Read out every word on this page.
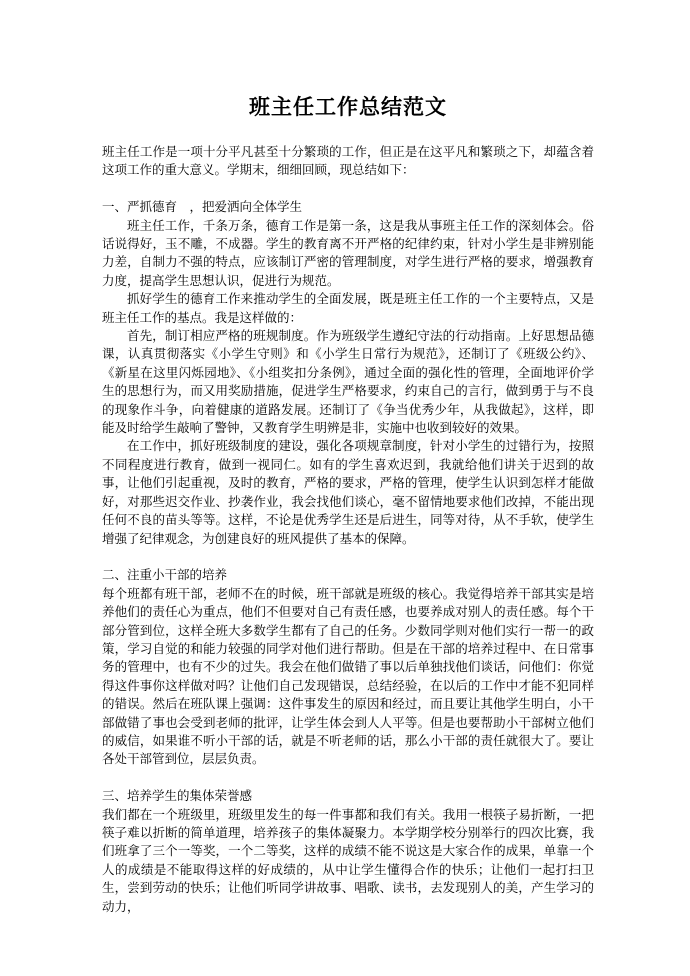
班主任工作总结范文

班主任工作是一项十分平凡甚至十分繁琐的工作，但正是在这平凡和繁琐之下，却蕴含着这项工作的重大意义。学期末，细细回顾，现总结如下：

一、严抓德育　，把爱洒向全体学生

班主任工作，千条万条，德育工作是第一条，这是我从事班主任工作的深刻体会。俗话说得好，玉不雕，不成器。学生的教育离不开严格的纪律约束，针对小学生是非辨别能力差，自制力不强的特点，应该制订严密的管理制度，对学生进行严格的要求，增强教育力度，提高学生思想认识，促进行为规范。

抓好学生的德育工作来推动学生的全面发展，既是班主任工作的一个主要特点，又是班主任工作的基点。我是这样做的：

首先，制订相应严格的班规制度。作为班级学生遵纪守法的行动指南。上好思想品德课，认真贯彻落实《小学生守则》和《小学生日常行为规范》，还制订了《班级公约》、《新星在这里闪烁园地》、《小组奖扣分条例》，通过全面的强化性的管理，全面地评价学生的思想行为，而又用奖励措施，促进学生严格要求，约束自己的言行，做到勇于与不良的现象作斗争，向着健康的道路发展。还制订了《争当优秀少年，从我做起》，这样，即能及时给学生敲响了警钟，又教育学生明辨是非，实施中也收到较好的效果。

在工作中，抓好班级制度的建设，强化各项规章制度，针对小学生的过错行为，按照不同程度进行教育，做到一视同仁。如有的学生喜欢迟到，我就给他们讲关于迟到的故事，让他们引起重视，及时的教育，严格的要求，严格的管理，使学生认识到怎样才能做好，对那些迟交作业、抄袭作业，我会找他们谈心，毫不留情地要求他们改掉，不能出现任何不良的苗头等等。这样，不论是优秀学生还是后进生，同等对待，从不手软，使学生增强了纪律观念，为创建良好的班风提供了基本的保障。

二、注重小干部的培养

每个班都有班干部，老师不在的时候，班干部就是班级的核心。我觉得培养干部其实是培养他们的责任心为重点，他们不但要对自己有责任感，也要养成对别人的责任感。每个干部分管到位，这样全班大多数学生都有了自己的任务。少数同学则对他们实行一帮一的政策，学习自觉的和能力较强的同学对他们进行帮助。但是在干部的培养过程中、在日常事务的管理中，也有不少的过失。我会在他们做错了事以后单独找他们谈话，问他们：你觉得这件事你这样做对吗？让他们自己发现错误，总结经验，在以后的工作中才能不犯同样的错误。然后在班队课上强调：这件事发生的原因和经过，而且要让其他学生明白，小干部做错了事也会受到老师的批评，让学生体会到人人平等。但是也要帮助小干部树立他们的威信，如果谁不听小干部的话，就是不听老师的话，那么小干部的责任就很大了。要让各处干部管到位，层层负责。

三、培养学生的集体荣誉感

我们都在一个班级里，班级里发生的每一件事都和我们有关。我用一根筷子易折断，一把筷子难以折断的简单道理，培养孩子的集体凝聚力。本学期学校分别举行的四次比赛，我们班拿了三个一等奖，一个二等奖，这样的成绩不能不说这是大家合作的成果，单靠一个人的成绩是不能取得这样的好成绩的，从中让学生懂得合作的快乐；让他们一起打扫卫生，尝到劳动的快乐；让他们听同学讲故事、唱歌、读书，去发现别人的美，产生学习的动力，
